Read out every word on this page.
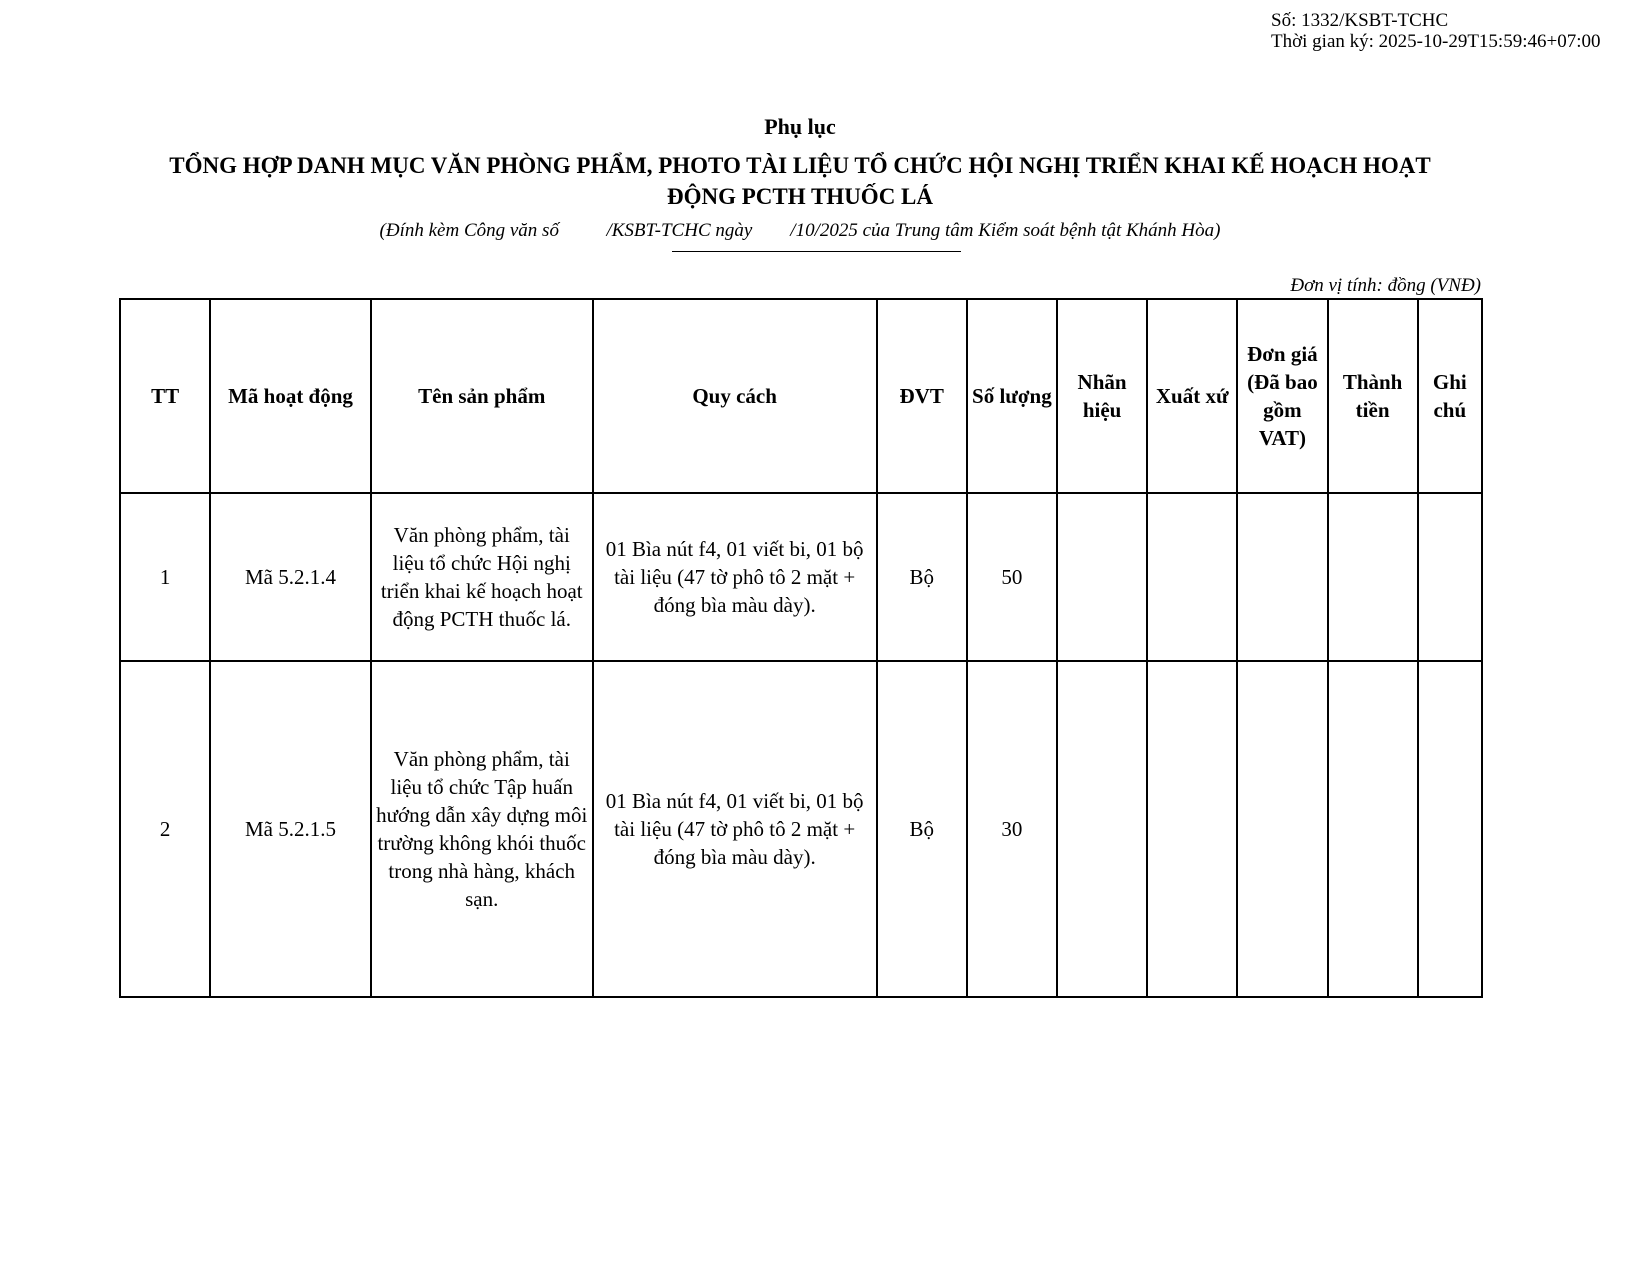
Số: 1332/KSBT-TCHC
Thời gian ký: 2025-10-29T15:59:46+07:00
Phụ lục
TỔNG HỢP DANH MỤC VĂN PHÒNG PHẨM, PHOTO TÀI LIỆU TỔ CHỨC HỘI NGHỊ TRIỂN KHAI KẾ HOẠCH HOẠT
ĐỘNG PCTH THUỐC LÁ
(Đính kèm Công văn số          /KSBT-TCHC ngày        /10/2025 của Trung tâm Kiểm soát bệnh tật Khánh Hòa)
Đơn vị tính: đồng (VNĐ)
TT	Mã hoạt động	Tên sản phẩm	Quy cách	ĐVT	Số lượng	Nhãn hiệu	Xuất xứ	Đơn giá (Đã bao gồm VAT)	Thành tiền	Ghi chú
1	Mã 5.2.1.4	Văn phòng phẩm, tài liệu tổ chức Hội nghị triển khai kế hoạch hoạt động PCTH thuốc lá.	01 Bìa nút f4, 01 viết bi, 01 bộ tài liệu (47 tờ phô tô 2 mặt + đóng bìa màu dày).	Bộ	50					
2	Mã 5.2.1.5	Văn phòng phẩm, tài liệu tổ chức Tập huấn hướng dẫn xây dựng môi trường không khói thuốc trong nhà hàng, khách sạn.	01 Bìa nút f4, 01 viết bi, 01 bộ tài liệu (47 tờ phô tô 2 mặt + đóng bìa màu dày).	Bộ	30					
